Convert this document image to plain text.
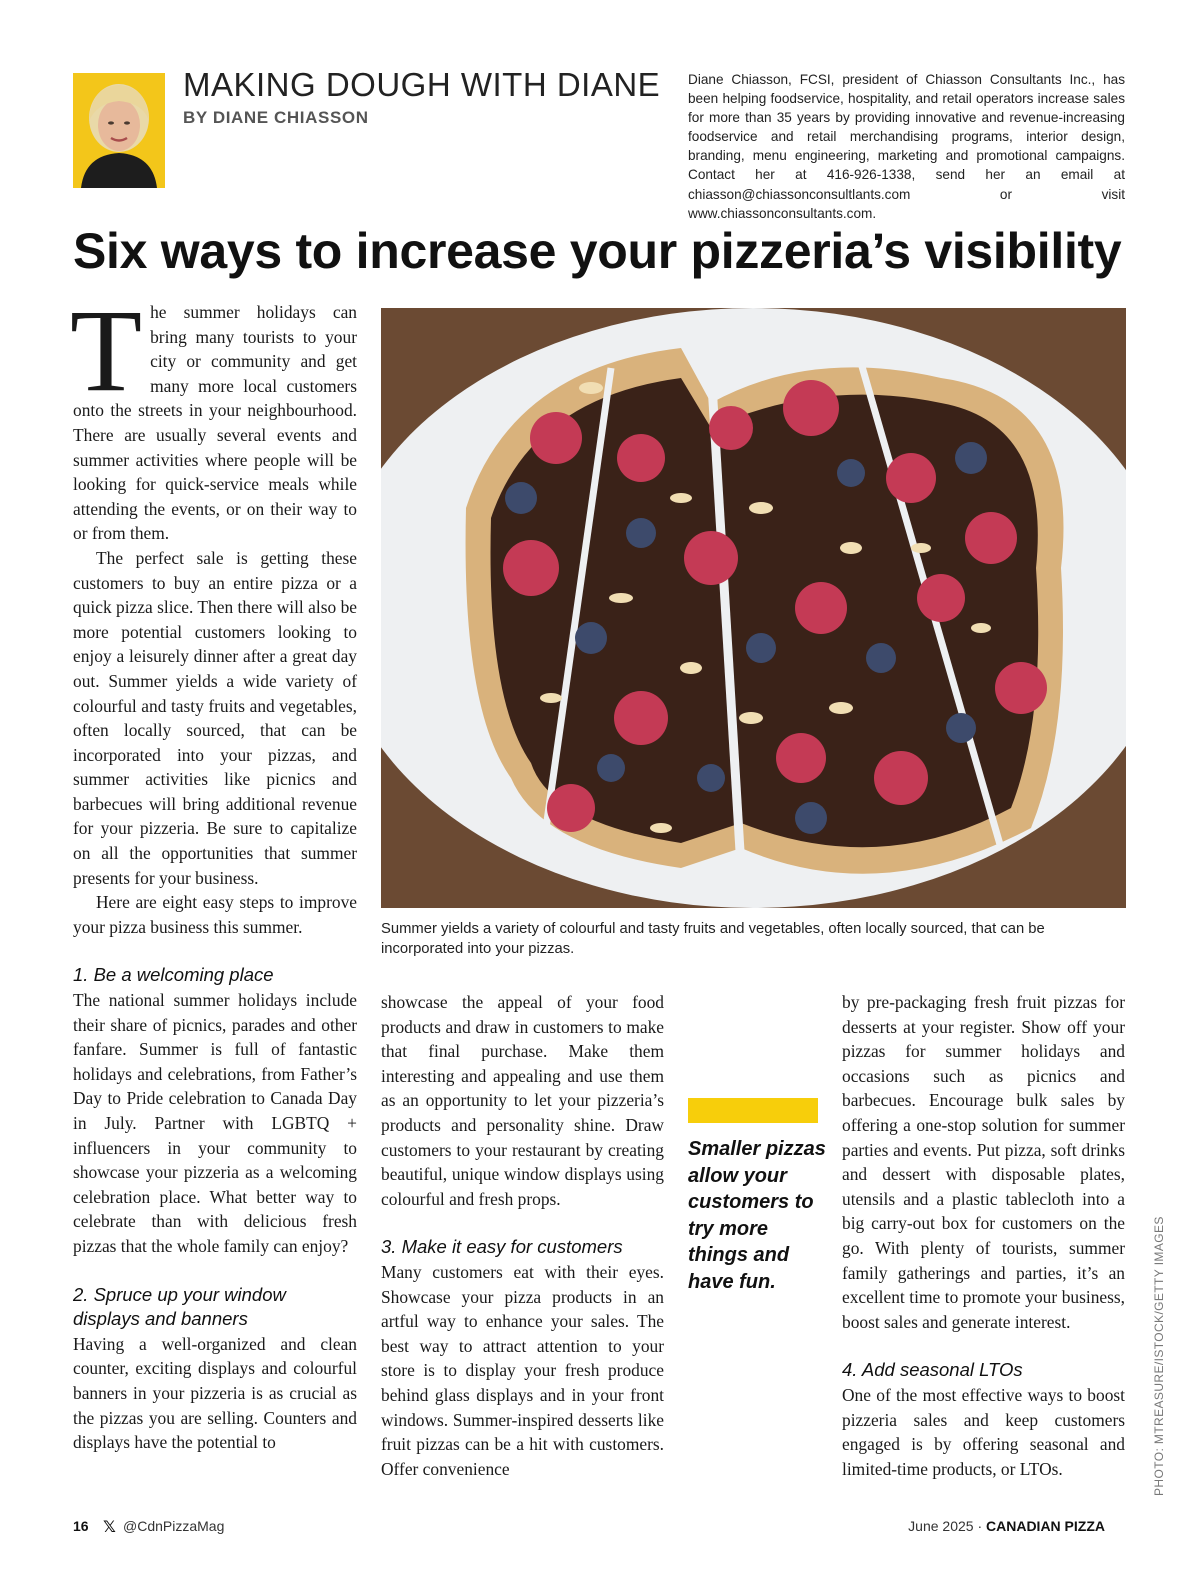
MAKING DOUGH WITH DIANE
BY DIANE CHIASSON
Diane Chiasson, FCSI, president of Chiasson Consultants Inc., has been helping foodservice, hospitality, and retail operators increase sales for more than 35 years by providing innovative and revenue-increasing foodservice and retail merchandising programs, interior design, branding, menu engineering, marketing and promotional campaigns. Contact her at 416-926-1338, send her an email at chiasson@chiassonconsultlants.com or visit www.chiassonconsultants.com.
Six ways to increase your pizzeria’s visibility

The summer holidays can bring many tourists to your city or community and get many more local customers onto the streets in your neighbourhood. There are usually several events and summer activities where people will be looking for quick-service meals while attending the events, or on their way to or from them.

The perfect sale is getting these customers to buy an entire pizza or a quick pizza slice. Then there will also be more potential customers looking to enjoy a leisurely dinner after a great day out. Summer yields a wide variety of colourful and tasty fruits and vegetables, often locally sourced, that can be incorporated into your pizzas, and summer activities like picnics and barbecues will bring additional revenue for your pizzeria. Be sure to capitalize on all the opportunities that summer presents for your business.

Here are eight easy steps to improve your pizza business this summer.

1. Be a welcoming place

The national summer holidays include their share of picnics, parades and other fanfare. Summer is full of fantastic holidays and celebrations, from Father’s Day to Pride celebration to Canada Day in July. Partner with LGBTQ + influencers in your community to showcase your pizzeria as a welcoming celebration place. What better way to celebrate than with delicious fresh pizzas that the whole family can enjoy?

2. Spruce up your window displays and banners

Having a well-organized and clean counter, exciting displays and colourful banners in your pizzeria is as crucial as the pizzas you are selling. Counters and displays have the potential to

Summer yields a variety of colourful and tasty fruits and vegetables, often locally sourced, that can be incorporated into your pizzas.

showcase the appeal of your food products and draw in customers to make that final purchase. Make them interesting and appealing and use them as an opportunity to let your pizzeria’s products and personality shine. Draw customers to your restaurant by creating beautiful, unique window displays using colourful and fresh props.

3. Make it easy for customers

Many customers eat with their eyes. Showcase your pizza products in an artful way to enhance your sales. The best way to attract attention to your store is to display your fresh produce behind glass displays and in your front windows. Summer-inspired desserts like fruit pizzas can be a hit with customers. Offer convenience

Smaller pizzas allow your customers to try more things and have fun.

by pre-packaging fresh fruit pizzas for desserts at your register. Show off your pizzas for summer holidays and occasions such as picnics and barbecues. Encourage bulk sales by offering a one-stop solution for summer parties and events. Put pizza, soft drinks and dessert with disposable plates, utensils and a plastic tablecloth into a big carry-out box for customers on the go. With plenty of tourists, summer family gatherings and parties, it’s an excellent time to promote your business, boost sales and generate interest.

4. Add seasonal LTOs

One of the most effective ways to boost pizzeria sales and keep customers engaged is by offering seasonal and limited-time products, or LTOs.	PHOTO: MTREASURE/ISTOCK/GETTY IMAGES
16 𝕏 @CdnPizzaMag	June 2025 · CANADIAN PIZZA
